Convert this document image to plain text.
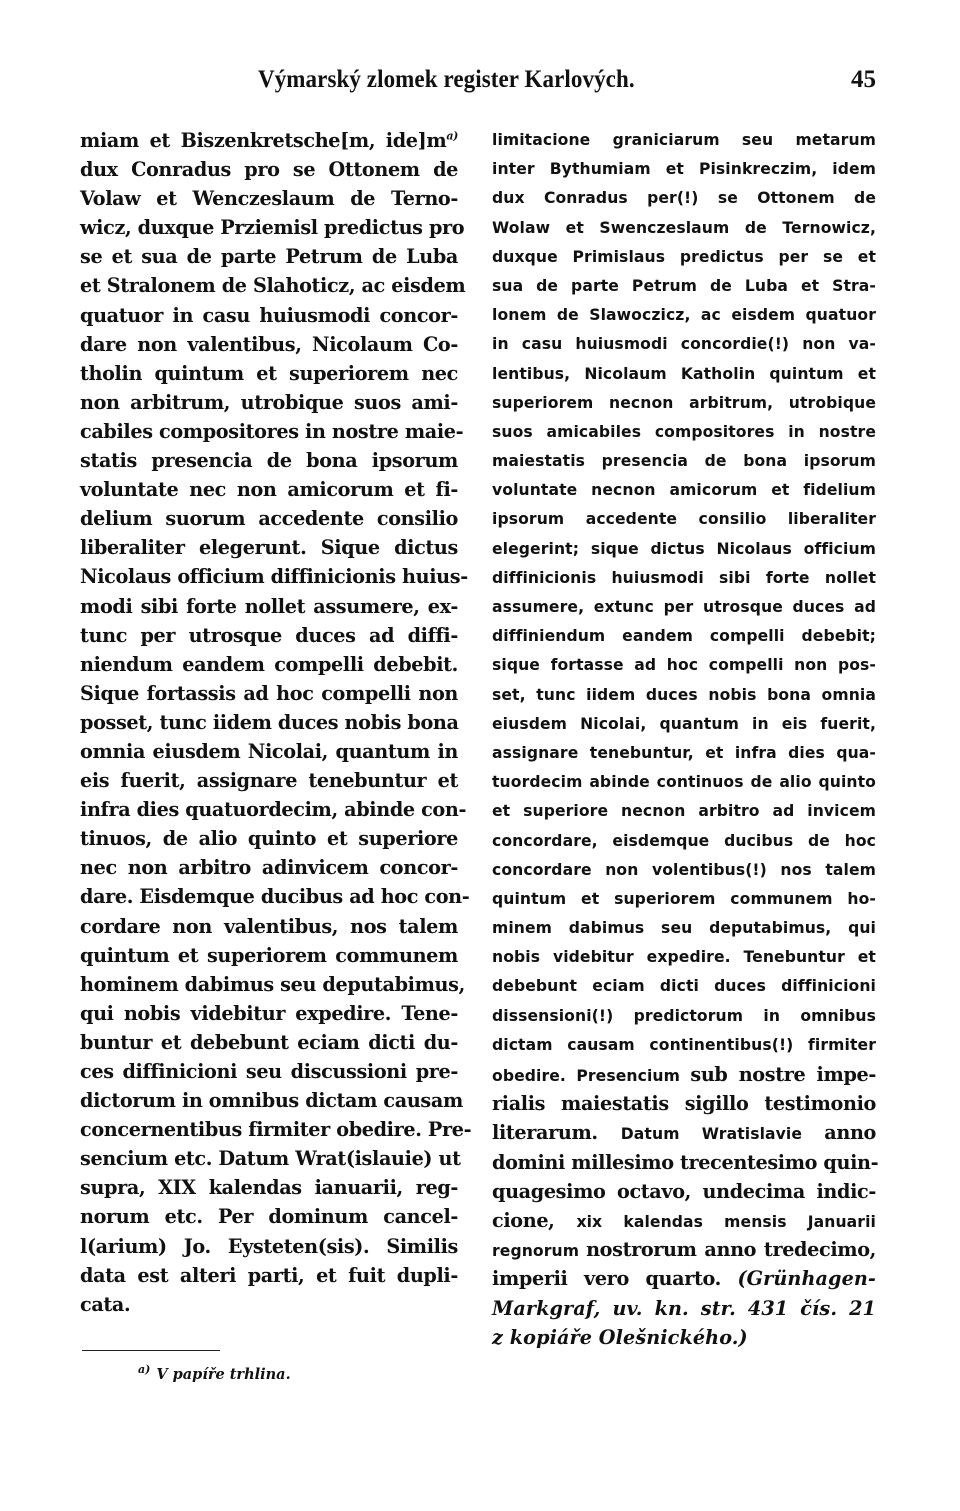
Výmarský zlomek register Karlových.	45
miam et Biszenkretsche[m, ide]m$^{a)}$
dux Conradus pro se Ottonem de
Volaw et Wenczeslaum de Terno-
wicz, duxque Prziemisl predictus pro
se et sua de parte Petrum de Luba
et Stralonem de Slahoticz, ac eisdem
quatuor in casu huiusmodi concor-
dare non valentibus, Nicolaum Co-
tholin quintum et superiorem nec
non arbitrum, utrobique suos ami-
cabiles compositores in nostre maie-
statis presencia de bona ipsorum
voluntate nec non amicorum et fi-
delium suorum accedente consilio
liberaliter elegerunt. Sique dictus
Nicolaus officium diffinicionis huius-
modi sibi forte nollet assumere, ex-
tunc per utrosque duces ad diffi-
niendum eandem compelli debebit.
Sique fortassis ad hoc compelli non
posset, tunc iidem duces nobis bona
omnia eiusdem Nicolai, quantum in
eis fuerit, assignare tenebuntur et
infra dies quatuordecim, abinde con-
tinuos, de alio quinto et superiore
nec non arbitro adinvicem concor-
dare. Eisdemque ducibus ad hoc con-
cordare non valentibus, nos talem
quintum et superiorem communem
hominem dabimus seu deputabimus,
qui nobis videbitur expedire. Tene-
buntur et debebunt eciam dicti du-
ces diffinicioni seu discussioni pre-
dictorum in omnibus dictam causam
concernentibus firmiter obedire. Pre-
sencium etc. Datum Wrat(islauie) ut
supra, XIX kalendas ianuarii, reg-
norum etc. Per dominum cancel-
l(arium) Jo. Eysteten(sis). Similis
data est alteri parti, et fuit dupli-
cata.
limitacione graniciarum seu metarum
inter Bythumiam et Pisinkreczim, idem
dux Conradus per(!) se Ottonem de
Wolaw et Swenczeslaum de Ternowicz,
duxque Primislaus predictus per se et
sua de parte Petrum de Luba et Stra-
lonem de Slawoczicz, ac eisdem quatuor
in casu huiusmodi concordie(!) non va-
lentibus, Nicolaum Katholin quintum et
superiorem necnon arbitrum, utrobique
suos amicabiles compositores in nostre
maiestatis presencia de bona ipsorum
voluntate necnon amicorum et fidelium
ipsorum accedente consilio liberaliter
elegerint; sique dictus Nicolaus officium
diffinicionis huiusmodi sibi forte nollet
assumere, extunc per utrosque duces ad
diffiniendum eandem compelli debebit;
sique fortasse ad hoc compelli non pos-
set, tunc iidem duces nobis bona omnia
eiusdem Nicolai, quantum in eis fuerit,
assignare tenebuntur, et infra dies qua-
tuordecim abinde continuos de alio quinto
et superiore necnon arbitro ad invicem
concordare, eisdemque ducibus de hoc
concordare non volentibus(!) nos talem
quintum et superiorem communem ho-
minem dabimus seu deputabimus, qui
nobis videbitur expedire. Tenebuntur et
debebunt eciam dicti duces diffinicioni
dissensioni(!) predictorum in omnibus
dictam causam continentibus(!) firmiter
obedire. Presencium sub nostre impe-
rialis maiestatis sigillo testimonio
literarum. Datum Wratislavie anno
domini millesimo trecentesimo quin-
quagesimo octavo, undecima indic-
cione, xix kalendas mensis Januarii
regnorum nostrorum anno tredecimo,
imperii vero quarto. (Grünhagen-
Markgraf, uv. kn. str. 431 čís. 21
z kopiáře Olešnického.)
$^{a)}$ V papíře trhlina.
